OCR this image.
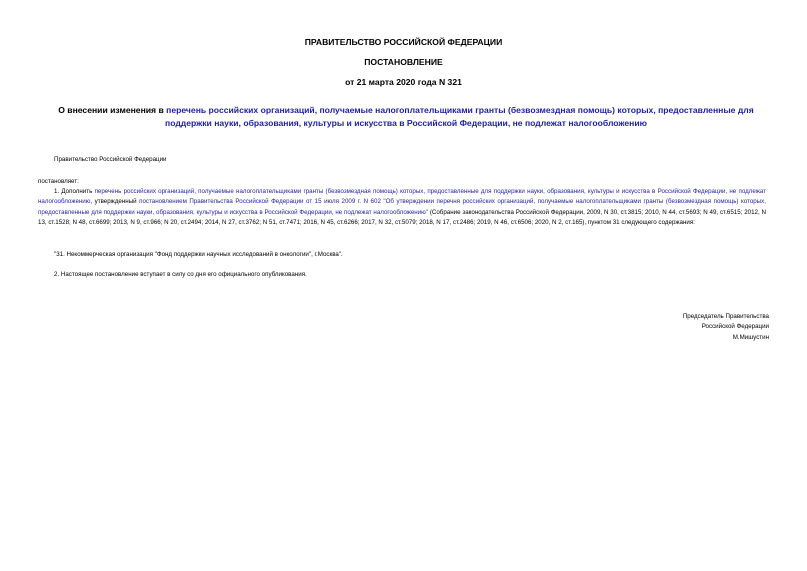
ПРАВИТЕЛЬСТВО РОССИЙСКОЙ ФЕДЕРАЦИИ
ПОСТАНОВЛЕНИЕ
от 21 марта 2020 года N 321
О внесении изменения в перечень российских организаций, получаемые налогоплательщиками гранты (безвозмездная помощь) которых, предоставленные для поддержки науки, образования, культуры и искусства в Российской Федерации, не подлежат налогообложению
Правительство Российской Федерации
постановляет:
1. Дополнить перечень российских организаций, получаемые налогоплательщиками гранты (безвозмездная помощь) которых, предоставленные для поддержки науки, образования, культуры и искусства в Российской Федерации, не подлежат налогообложению, утвержденный постановлением Правительства Российской Федерации от 15 июля 2009 г. N 602 "Об утверждении перечня российских организаций, получаемые налогоплательщиками гранты (безвозмездная помощь) которых, предоставленные для поддержки науки, образования, культуры и искусства в Российской Федерации, не подлежат налогообложению" (Собрание законодательства Российской Федерации, 2009, N 30, ст.3815; 2010, N 44, ст.5693; N 49, ст.6515; 2012, N 13, ст.1528; N 48, ст.6699; 2013, N 9, ст.966; N 20, ст.2494; 2014, N 27, ст.3762; N 51, ст.7471; 2016, N 45, ст.6266; 2017, N 32, ст.5079; 2018, N 17, ст.2486; 2019, N 46, ст.6506; 2020, N 2, ст.165), пунктом 31 следующего содержания:
"31. Некоммерческая организация "Фонд поддержки научных исследований в онкологии", г.Москва".
2. Настоящее постановление вступает в силу со дня его официального опубликования.
Председатель Правительства
Российской Федерации
М.Мишустин
